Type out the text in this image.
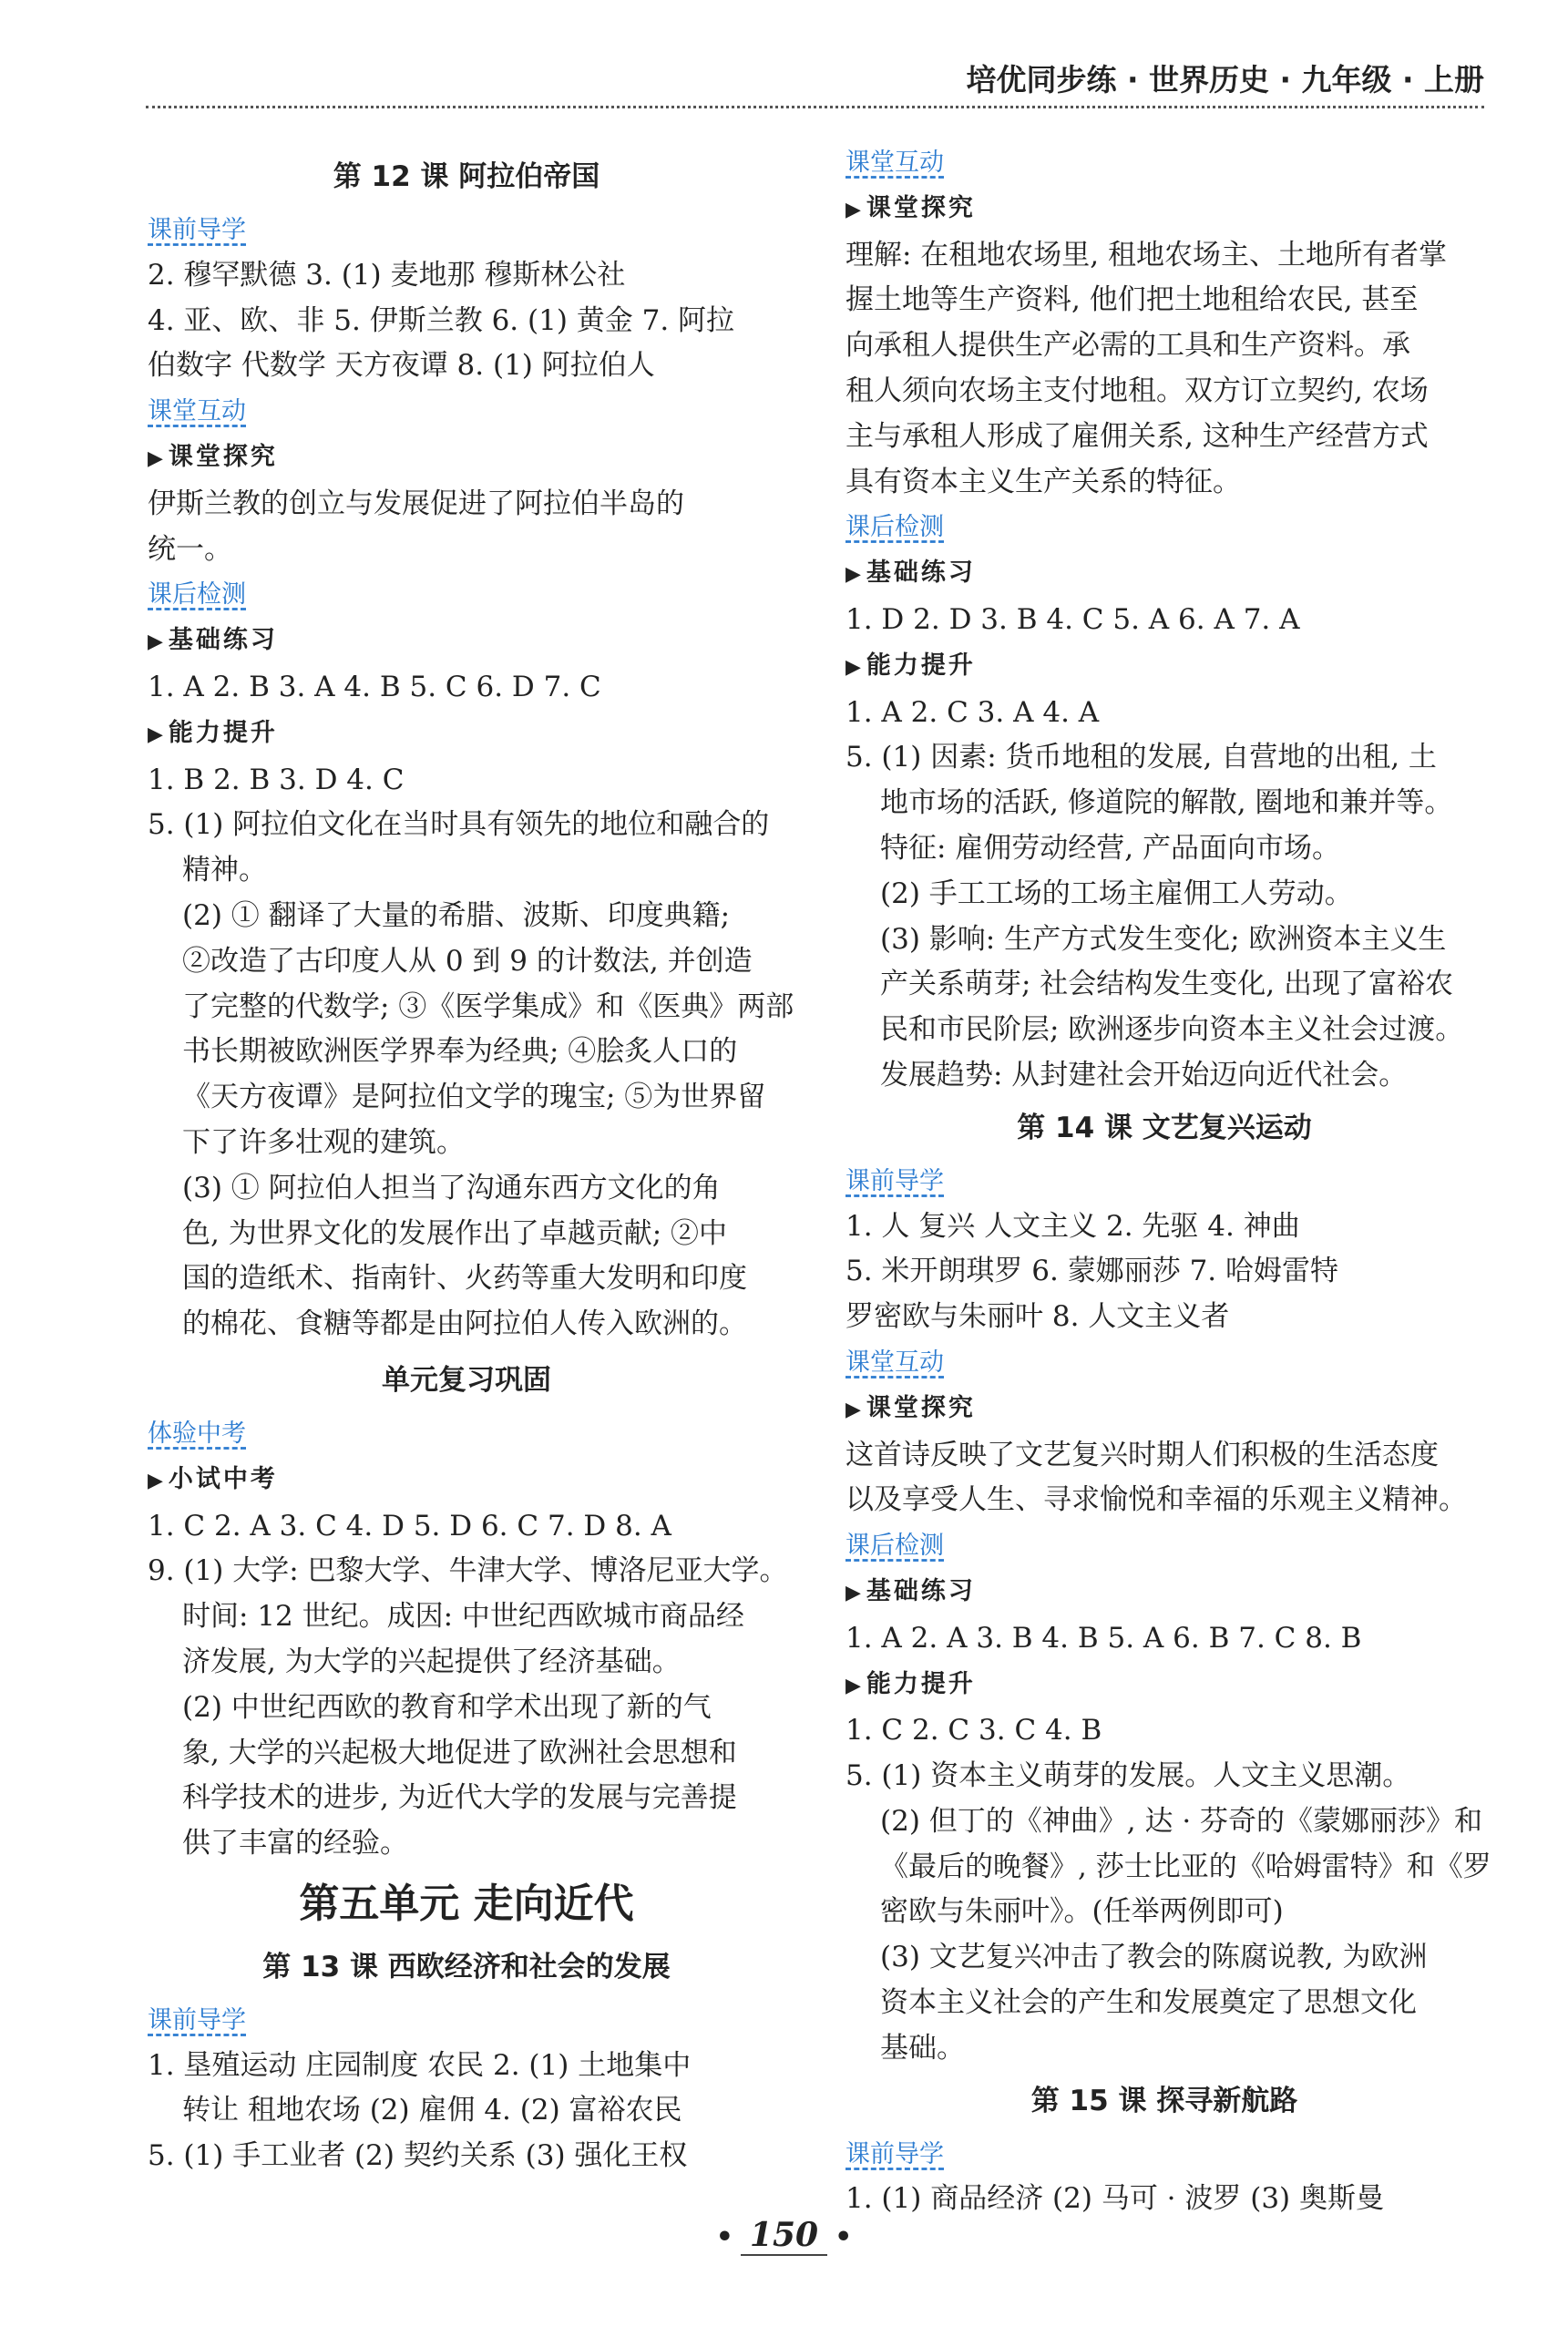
培优同步练 · 世界历史 · 九年级 · 上册
第 12 课 阿拉伯帝国
课前导学
2. 穆罕默德 3. (1) 麦地那 穆斯林公社
4. 亚、欧、非 5. 伊斯兰教 6. (1) 黄金 7. 阿拉
伯数字 代数学 天方夜谭 8. (1) 阿拉伯人
课堂互动
▶ 课堂探究
伊斯兰教的创立与发展促进了阿拉伯半岛的
统一。
课后检测
▶ 基础练习
1. A 2. B 3. A 4. B 5. C 6. D 7. C
▶ 能力提升
1. B 2. B 3. D 4. C
5. (1) 阿拉伯文化在当时具有领先的地位和融合的
精神。
(2) ① 翻译了大量的希腊、波斯、印度典籍;
②改造了古印度人从 0 到 9 的计数法, 并创造
了完整的代数学; ③《医学集成》和《医典》两部
书长期被欧洲医学界奉为经典; ④脍炙人口的
《天方夜谭》是阿拉伯文学的瑰宝; ⑤为世界留
下了许多壮观的建筑。
(3) ① 阿拉伯人担当了沟通东西方文化的角
色, 为世界文化的发展作出了卓越贡献; ②中
国的造纸术、指南针、火药等重大发明和印度
的棉花、食糖等都是由阿拉伯人传入欧洲的。
单元复习巩固
体验中考
▶ 小试中考
1. C 2. A 3. C 4. D 5. D 6. C 7. D 8. A
9. (1) 大学: 巴黎大学、牛津大学、博洛尼亚大学。
时间: 12 世纪。成因: 中世纪西欧城市商品经
济发展, 为大学的兴起提供了经济基础。
(2) 中世纪西欧的教育和学术出现了新的气
象, 大学的兴起极大地促进了欧洲社会思想和
科学技术的进步, 为近代大学的发展与完善提
供了丰富的经验。
第五单元 走向近代
第 13 课 西欧经济和社会的发展
课前导学
1. 垦殖运动 庄园制度 农民 2. (1) 土地集中
转让 租地农场 (2) 雇佣 4. (2) 富裕农民
5. (1) 手工业者 (2) 契约关系 (3) 强化王权
课堂互动
▶ 课堂探究
理解: 在租地农场里, 租地农场主、土地所有者掌
握土地等生产资料, 他们把土地租给农民, 甚至
向承租人提供生产必需的工具和生产资料。承
租人须向农场主支付地租。双方订立契约, 农场
主与承租人形成了雇佣关系, 这种生产经营方式
具有资本主义生产关系的特征。
课后检测
▶ 基础练习
1. D 2. D 3. B 4. C 5. A 6. A 7. A
▶ 能力提升
1. A 2. C 3. A 4. A
5. (1) 因素: 货币地租的发展, 自营地的出租, 土
地市场的活跃, 修道院的解散, 圈地和兼并等。
特征: 雇佣劳动经营, 产品面向市场。
(2) 手工工场的工场主雇佣工人劳动。
(3) 影响: 生产方式发生变化; 欧洲资本主义生
产关系萌芽; 社会结构发生变化, 出现了富裕农
民和市民阶层; 欧洲逐步向资本主义社会过渡。
发展趋势: 从封建社会开始迈向近代社会。
第 14 课 文艺复兴运动
课前导学
1. 人 复兴 人文主义 2. 先驱 4. 神曲
5. 米开朗琪罗 6. 蒙娜丽莎 7. 哈姆雷特
罗密欧与朱丽叶 8. 人文主义者
课堂互动
▶ 课堂探究
这首诗反映了文艺复兴时期人们积极的生活态度
以及享受人生、寻求愉悦和幸福的乐观主义精神。
课后检测
▶ 基础练习
1. A 2. A 3. B 4. B 5. A 6. B 7. C 8. B
▶ 能力提升
1. C 2. C 3. C 4. B
5. (1) 资本主义萌芽的发展。人文主义思潮。
(2) 但丁的《神曲》, 达 · 芬奇的《蒙娜丽莎》和
《最后的晚餐》, 莎士比亚的《哈姆雷特》和《罗
密欧与朱丽叶》。(任举两例即可)
(3) 文艺复兴冲击了教会的陈腐说教, 为欧洲
资本主义社会的产生和发展奠定了思想文化
基础。
第 15 课 探寻新航路
课前导学
1. (1) 商品经济 (2) 马可 · 波罗 (3) 奥斯曼
• 150 •
